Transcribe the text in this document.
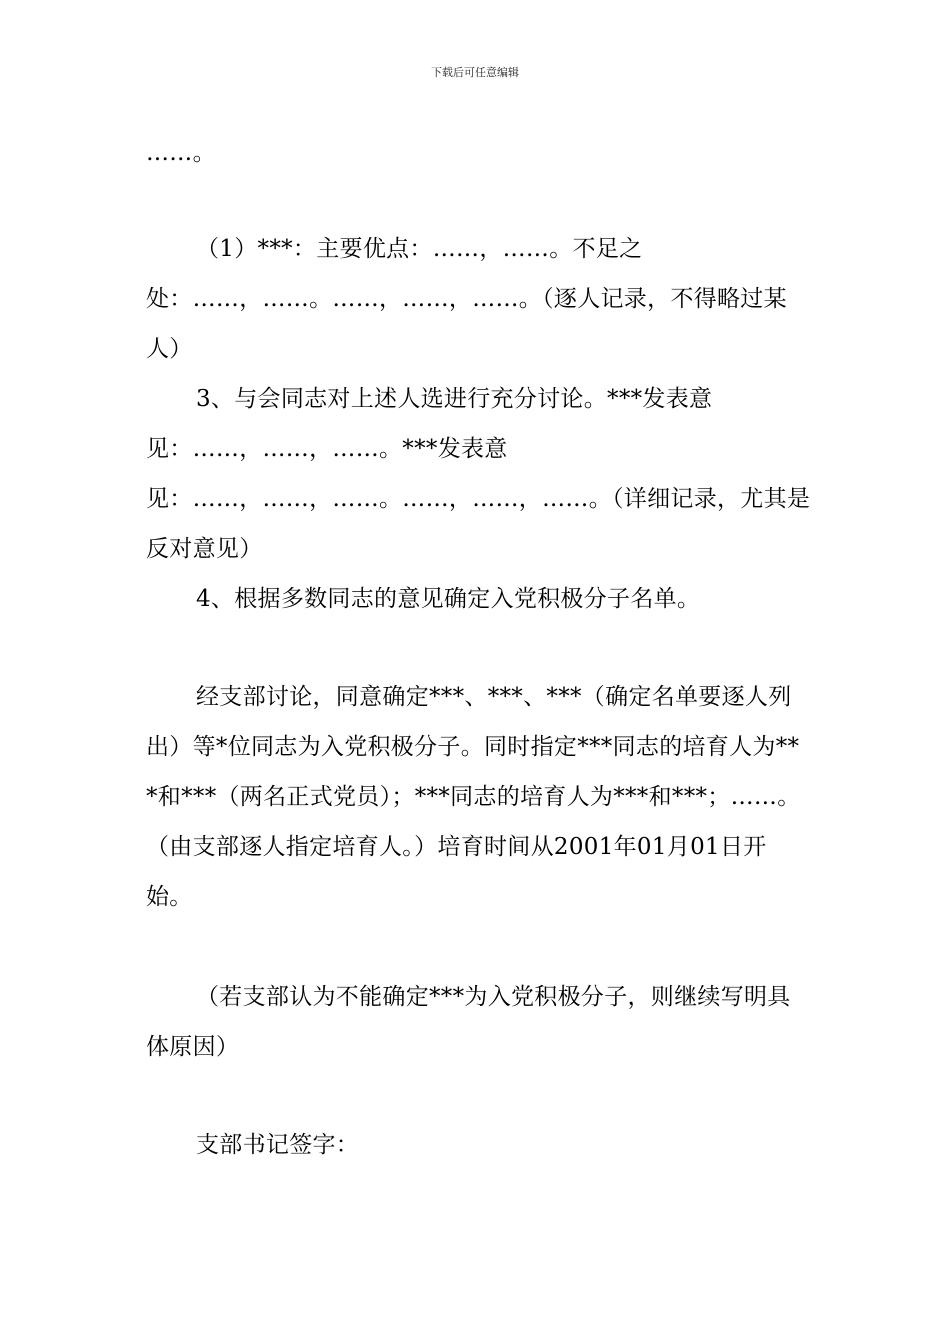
下载后可任意编辑

……。

（1）***：主要优点：……，……。不足之处：……，……。……，……，……。（逐人记录，不得略过某人）

3、与会同志对上述人选进行充分讨论。***发表意见：……，……，……。***发表意见：……，……，……。……，……，……。（详细记录，尤其是反对意见）

4、根据多数同志的意见确定入党积极分子名单。

经支部讨论，同意确定***、***、***（确定名单要逐人列出）等*位同志为入党积极分子。同时指定***同志的培育人为***和***（两名正式党员）；***同志的培育人为***和***；……。（由支部逐人指定培育人。）培育时间从2001年01月01日开始。

（若支部认为不能确定***为入党积极分子，则继续写明具体原因）

支部书记签字：
